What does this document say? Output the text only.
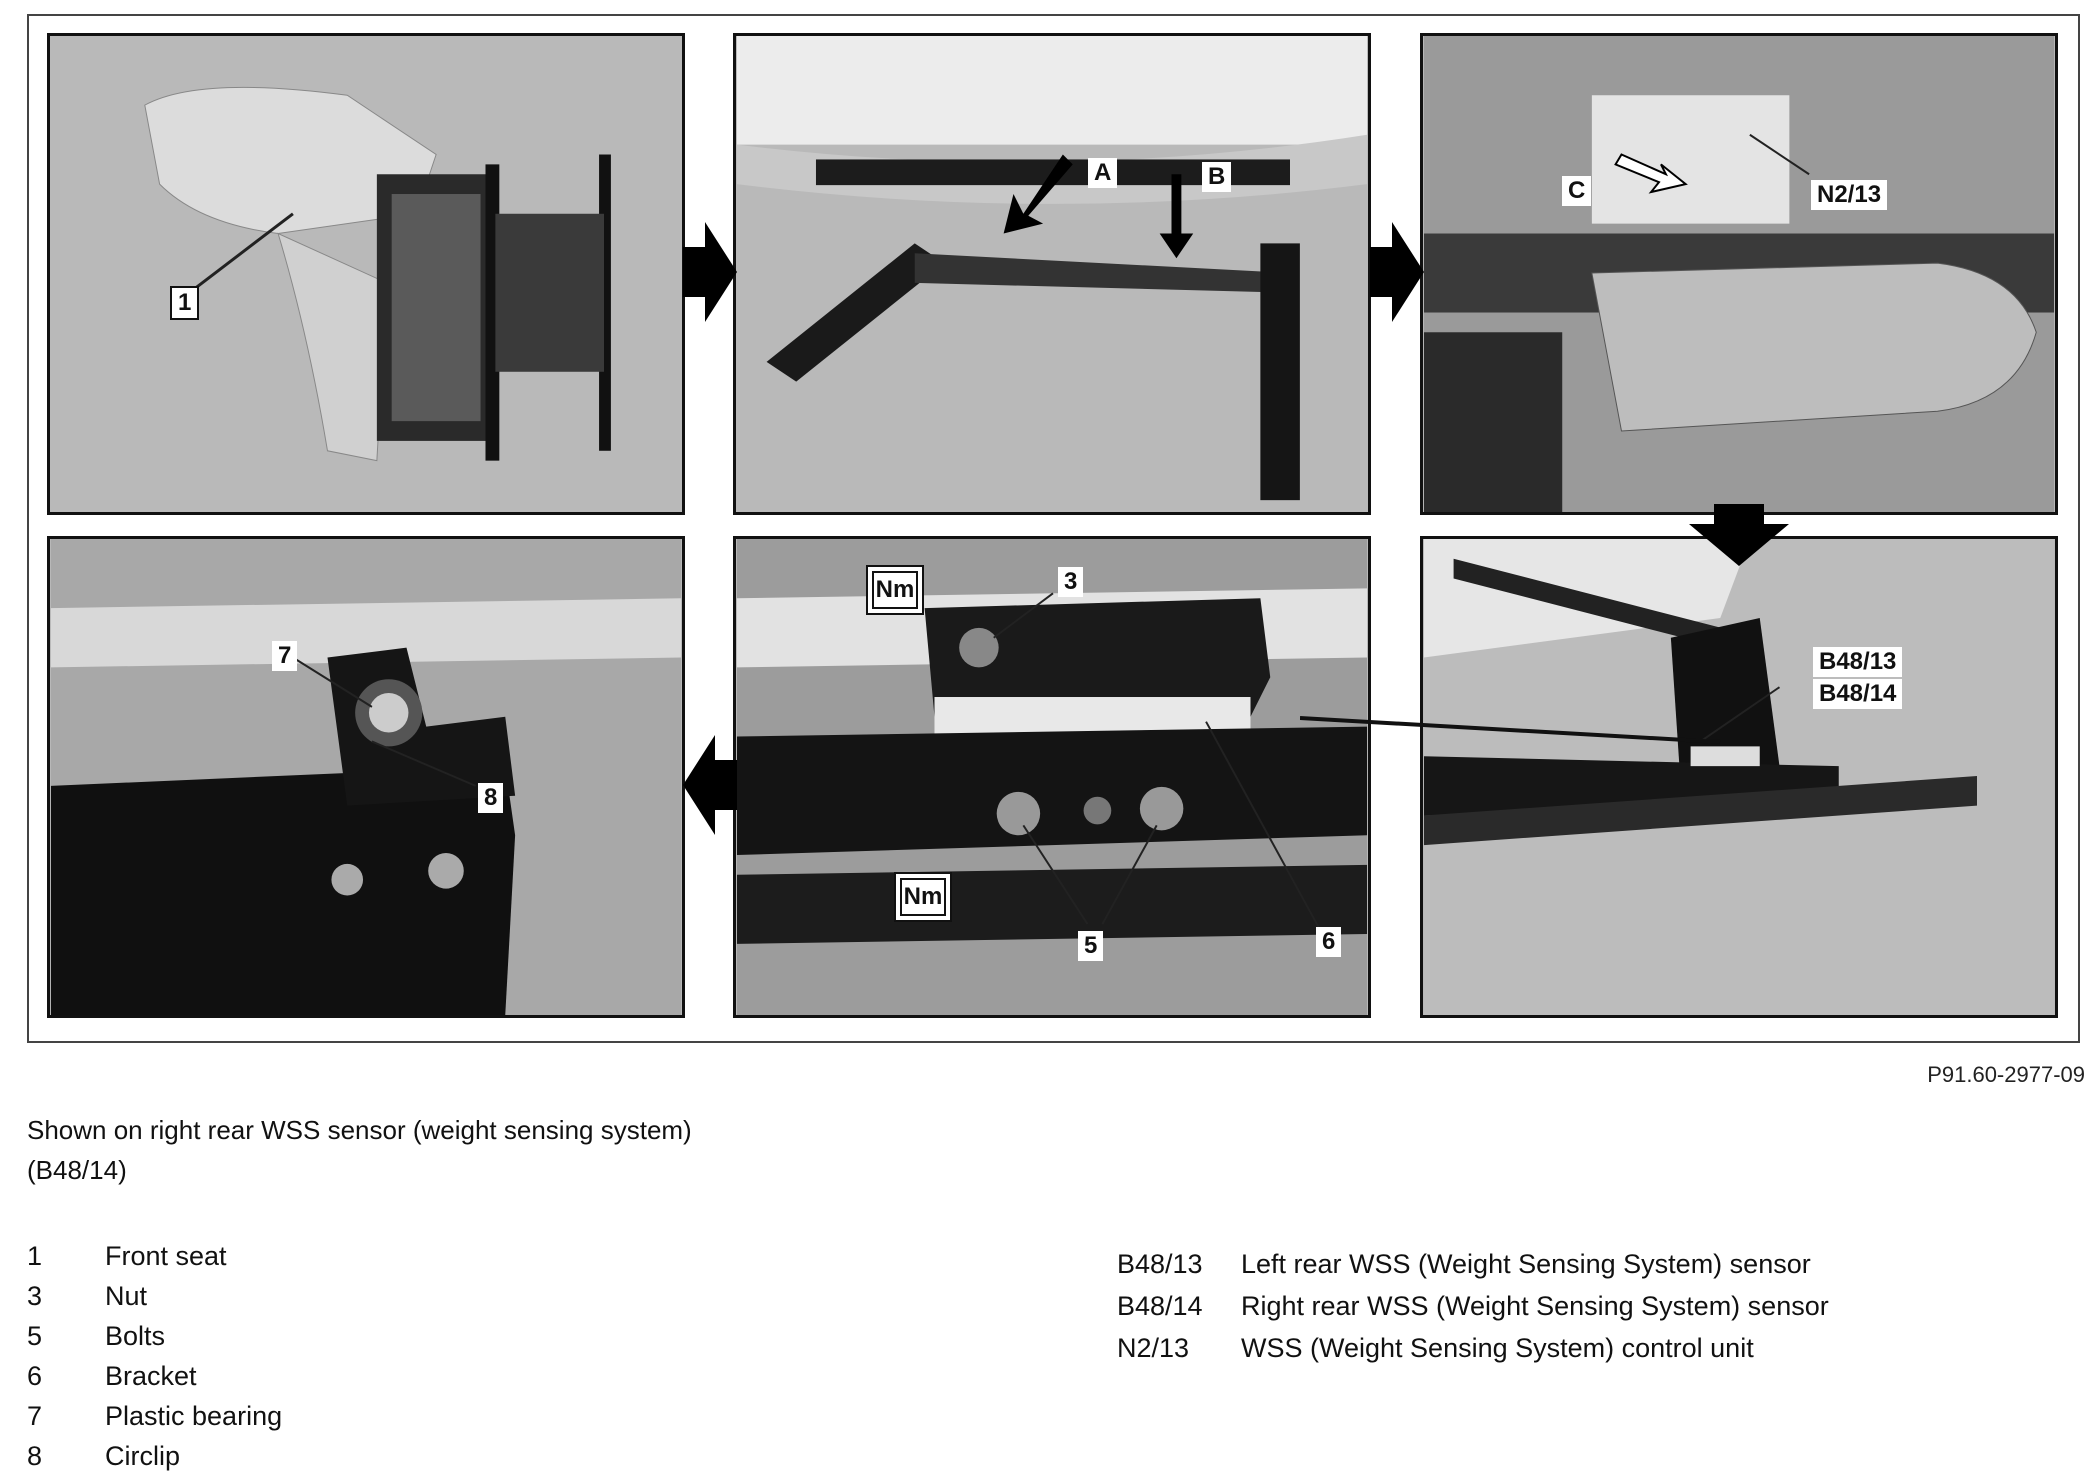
1
A	B
C	N2/13
7
8
Nm	3
Nm
5	6
B48/13
B48/14
P91.60-2977-09
Shown on right rear WSS sensor (weight sensing system)
(B48/14)
1	Front seat
3	Nut
5	Bolts
6	Bracket
7	Plastic bearing
8	Circlip
B48/13	Left rear WSS (Weight Sensing System) sensor
B48/14	Right rear WSS (Weight Sensing System) sensor
N2/13	WSS (Weight Sensing System) control unit
